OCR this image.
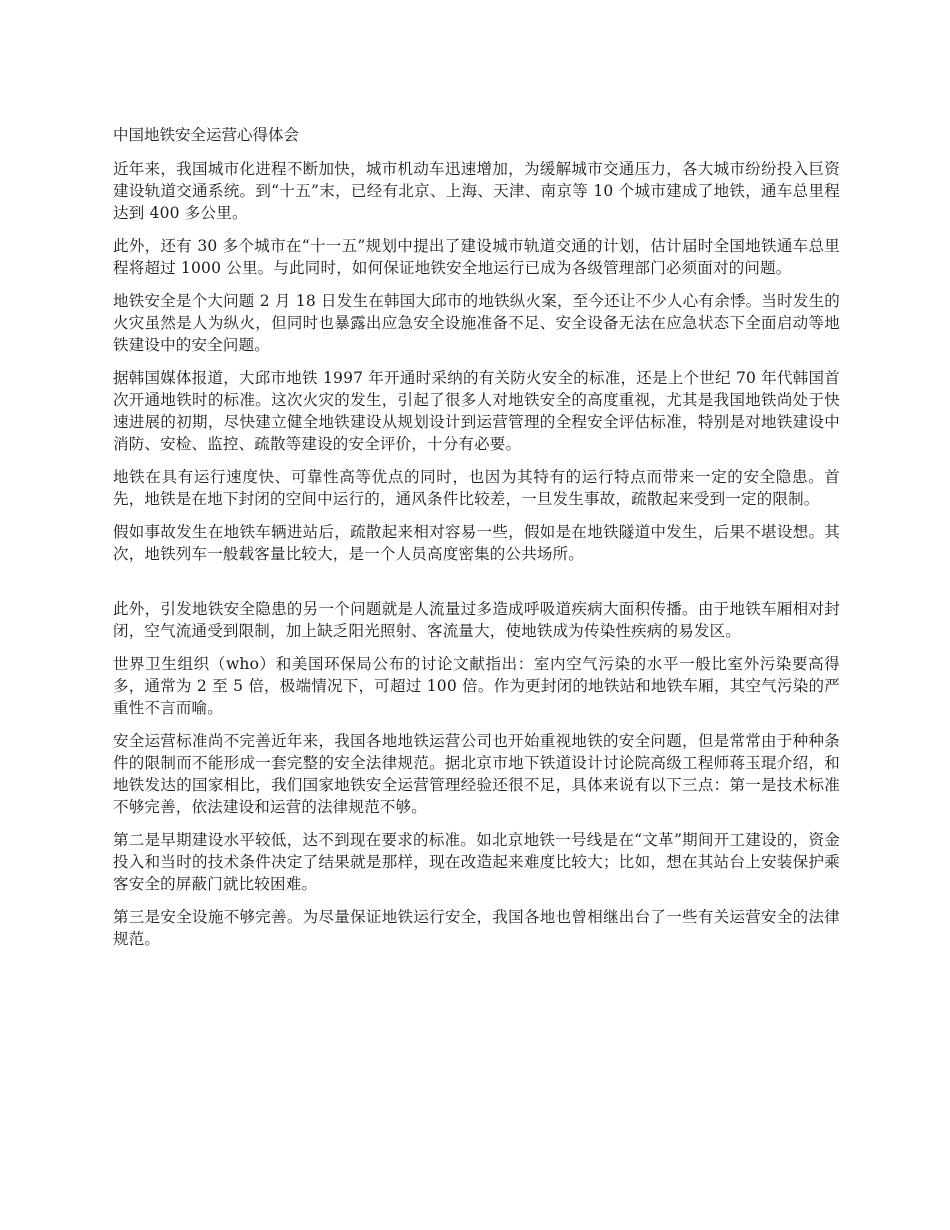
中国地铁安全运营心得体会

近年来，我国城市化进程不断加快，城市机动车迅速增加，为缓解城市交通压力，各大城市纷纷投入巨资建设轨道交通系统。到“十五”末，已经有北京、上海、天津、南京等 10 个城市建成了地铁，通车总里程达到 400 多公里。

此外，还有 30 多个城市在“十一五”规划中提出了建设城市轨道交通的计划，估计届时全国地铁通车总里程将超过 1000 公里。与此同时，如何保证地铁安全地运行已成为各级管理部门必须面对的问题。

地铁安全是个大问题 2 月 18 日发生在韩国大邱市的地铁纵火案，至今还让不少人心有余悸。当时发生的火灾虽然是人为纵火，但同时也暴露出应急安全设施准备不足、安全设备无法在应急状态下全面启动等地铁建设中的安全问题。

据韩国媒体报道，大邱市地铁 1997 年开通时采纳的有关防火安全的标准，还是上个世纪 70 年代韩国首次开通地铁时的标准。这次火灾的发生，引起了很多人对地铁安全的高度重视，尤其是我国地铁尚处于快速进展的初期，尽快建立健全地铁建设从规划设计到运营管理的全程安全评估标准，特别是对地铁建设中消防、安检、监控、疏散等建设的安全评价，十分有必要。

地铁在具有运行速度快、可靠性高等优点的同时，也因为其特有的运行特点而带来一定的安全隐患。首先，地铁是在地下封闭的空间中运行的，通风条件比较差，一旦发生事故，疏散起来受到一定的限制。

假如事故发生在地铁车辆进站后，疏散起来相对容易一些，假如是在地铁隧道中发生，后果不堪设想。其次，地铁列车一般载客量比较大，是一个人员高度密集的公共场所。

此外，引发地铁安全隐患的另一个问题就是人流量过多造成呼吸道疾病大面积传播。由于地铁车厢相对封闭，空气流通受到限制，加上缺乏阳光照射、客流量大，使地铁成为传染性疾病的易发区。

世界卫生组织（who）和美国环保局公布的讨论文献指出：室内空气污染的水平一般比室外污染要高得多，通常为 2 至 5 倍，极端情况下，可超过 100 倍。作为更封闭的地铁站和地铁车厢，其空气污染的严重性不言而喻。

安全运营标准尚不完善近年来，我国各地地铁运营公司也开始重视地铁的安全问题，但是常常由于种种条件的限制而不能形成一套完整的安全法律规范。据北京市地下铁道设计讨论院高级工程师蒋玉琨介绍，和地铁发达的国家相比，我们国家地铁安全运营管理经验还很不足，具体来说有以下三点：第一是技术标准不够完善，依法建设和运营的法律规范不够。

第二是早期建设水平较低，达不到现在要求的标准。如北京地铁一号线是在“文革”期间开工建设的，资金投入和当时的技术条件决定了结果就是那样，现在改造起来难度比较大；比如，想在其站台上安装保护乘客安全的屏蔽门就比较困难。

第三是安全设施不够完善。为尽量保证地铁运行安全，我国各地也曾相继出台了一些有关运营安全的法律规范。
